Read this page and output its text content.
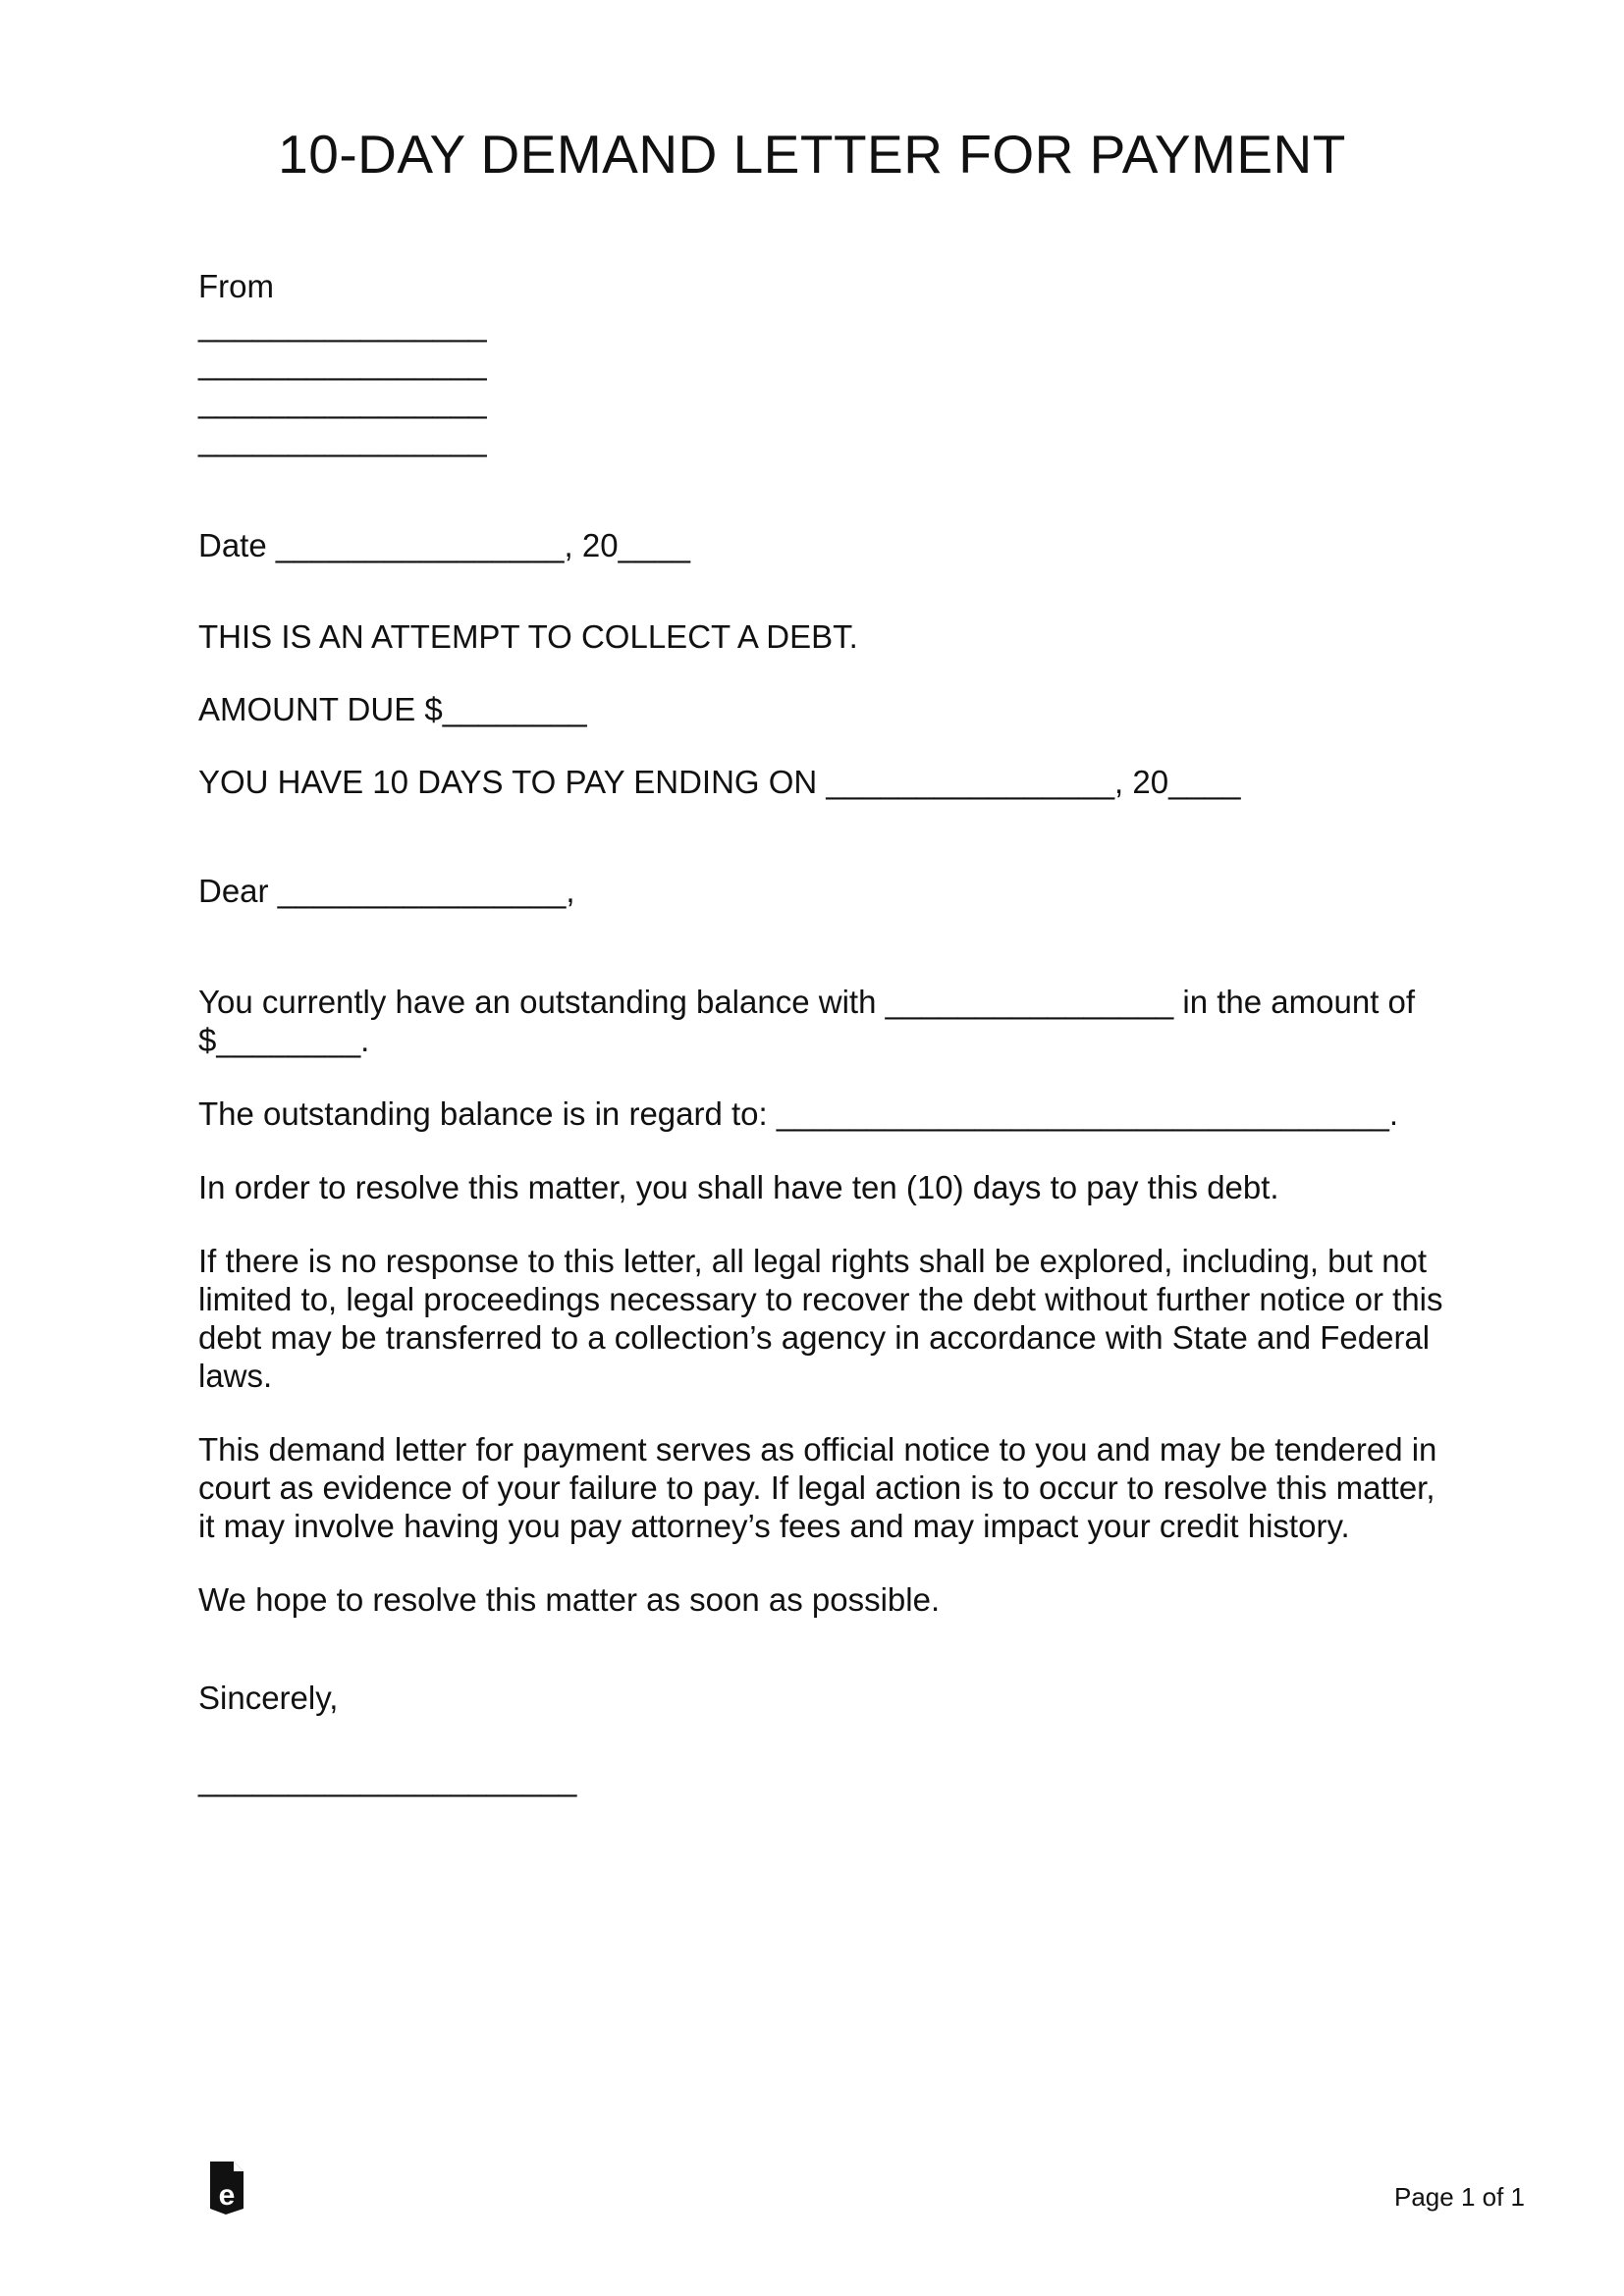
10-DAY DEMAND LETTER FOR PAYMENT

From

________________
________________
________________
________________

Date ________________, 20____

THIS IS AN ATTEMPT TO COLLECT A DEBT.

AMOUNT DUE $________

YOU HAVE 10 DAYS TO PAY ENDING ON ________________, 20____

Dear ________________,

You currently have an outstanding balance with ________________ in the amount of $________.

The outstanding balance is in regard to: __________________________________.

In order to resolve this matter, you shall have ten (10) days to pay this debt.

If there is no response to this letter, all legal rights shall be explored, including, but not limited to, legal proceedings necessary to recover the debt without further notice or this debt may be transferred to a collection’s agency in accordance with State and Federal laws.

This demand letter for payment serves as official notice to you and may be tendered in court as evidence of your failure to pay. If legal action is to occur to resolve this matter, it may involve having you pay attorney’s fees and may impact your credit history.

We hope to resolve this matter as soon as possible.

Sincerely,

_____________________

e	Page 1 of 1
